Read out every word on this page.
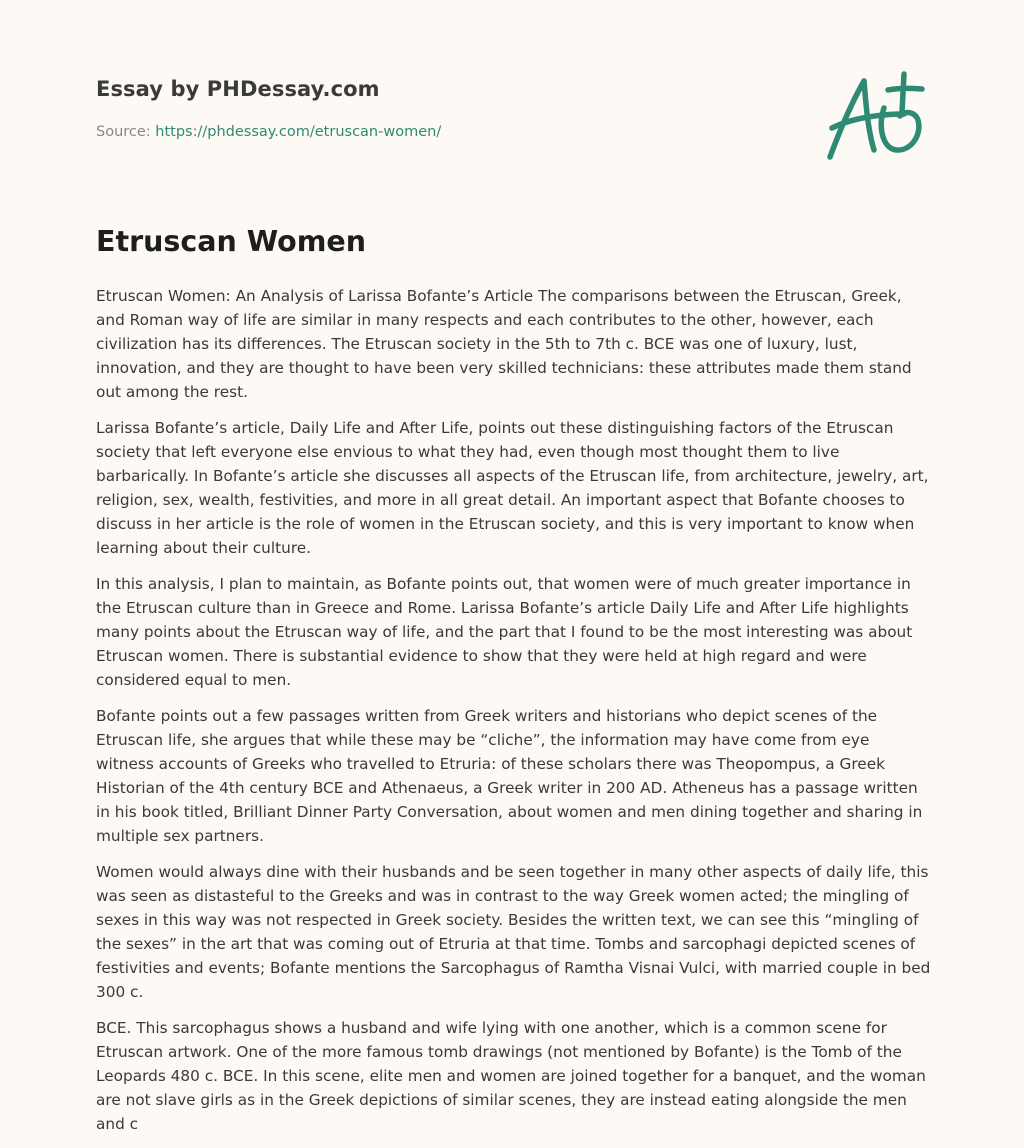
Essay by PHDessay.com
Source: https://phdessay.com/etruscan-women/
Etruscan Women

Etruscan Women: An Analysis of Larissa Bofante’s Article The comparisons between the Etruscan, Greek, and Roman way of life are similar in many respects and each contributes to the other, however, each civilization has its differences. The Etruscan society in the 5th to 7th c. BCE was one of luxury, lust, innovation, and they are thought to have been very skilled technicians: these attributes made them stand out among the rest.

Larissa Bofante’s article, Daily Life and After Life, points out these distinguishing factors of the Etruscan society that left everyone else envious to what they had, even though most thought them to live barbarically. In Bofante’s article she discusses all aspects of the Etruscan life, from architecture, jewelry, art, religion, sex, wealth, festivities, and more in all great detail. An important aspect that Bofante chooses to discuss in her article is the role of women in the Etruscan society, and this is very important to know when learning about their culture.

In this analysis, I plan to maintain, as Bofante points out, that women were of much greater importance in the Etruscan culture than in Greece and Rome. Larissa Bofante’s article Daily Life and After Life highlights many points about the Etruscan way of life, and the part that I found to be the most interesting was about Etruscan women. There is substantial evidence to show that they were held at high regard and were considered equal to men.

Bofante points out a few passages written from Greek writers and historians who depict scenes of the Etruscan life, she argues that while these may be “cliche”, the information may have come from eye witness accounts of Greeks who travelled to Etruria: of these scholars there was Theopompus, a Greek Historian of the 4th century BCE and Athenaeus, a Greek writer in 200 AD. Atheneus has a passage written in his book titled, Brilliant Dinner Party Conversation, about women and men dining together and sharing in multiple sex partners.

Women would always dine with their husbands and be seen together in many other aspects of daily life, this was seen as distasteful to the Greeks and was in contrast to the way Greek women acted; the mingling of sexes in this way was not respected in Greek society. Besides the written text, we can see this “mingling of the sexes” in the art that was coming out of Etruria at that time. Tombs and sarcophagi depicted scenes of festivities and events; Bofante mentions the Sarcophagus of Ramtha Visnai Vulci, with married couple in bed 300 c.

BCE. This sarcophagus shows a husband and wife lying with one another, which is a common scene for Etruscan artwork. One of the more famous tomb drawings (not mentioned by Bofante) is the Tomb of the Leopards 480 c. BCE. In this scene, elite men and women are joined together for a banquet, and the woman are not slave girls as in the Greek depictions of similar scenes, they are instead eating alongside the men and c
